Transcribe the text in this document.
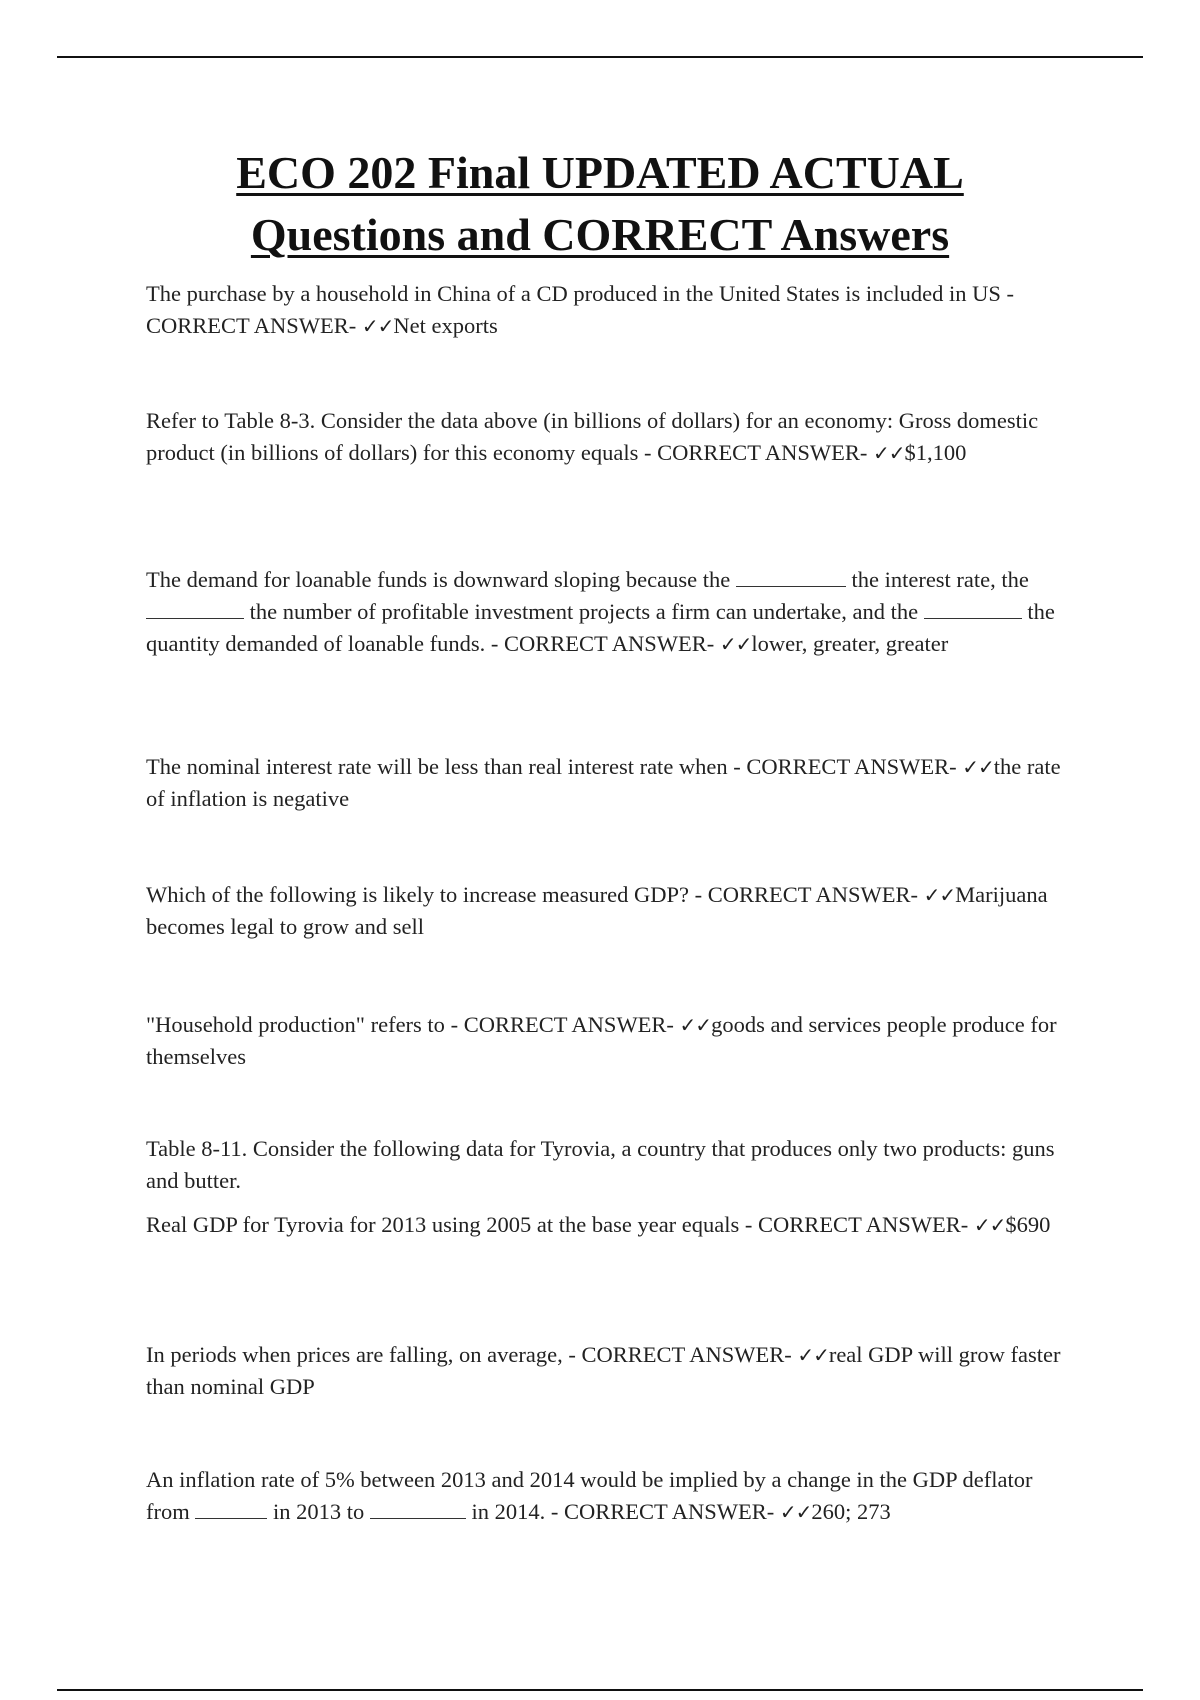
ECO 202 Final UPDATED ACTUAL
Questions and CORRECT Answers

The purchase by a household in China of a CD produced in the United States is included in US - CORRECT ANSWER- ✓✓Net exports

Refer to Table 8-3. Consider the data above (in billions of dollars) for an economy: Gross domestic product (in billions of dollars) for this economy equals - CORRECT ANSWER- ✓✓$1,100

The demand for loanable funds is downward sloping because the	the interest rate, the  the number of profitable investment projects a firm can undertake, and the	the quantity demanded of loanable funds. - CORRECT ANSWER- ✓✓lower, greater, greater

The nominal interest rate will be less than real interest rate when - CORRECT ANSWER- ✓✓the rate of inflation is negative

Which of the following is likely to increase measured GDP? - CORRECT ANSWER- ✓✓Marijuana becomes legal to grow and sell

"Household production" refers to - CORRECT ANSWER- ✓✓goods and services people produce for themselves

Table 8-11. Consider the following data for Tyrovia, a country that produces only two products: guns and butter.

Real GDP for Tyrovia for 2013 using 2005 at the base year equals - CORRECT ANSWER- ✓✓$690

In periods when prices are falling, on average, - CORRECT ANSWER- ✓✓real GDP will grow faster than nominal GDP

An inflation rate of 5% between 2013 and 2014 would be implied by a change in the GDP deflator from	in 2013 to	in 2014. - CORRECT ANSWER- ✓✓260; 273
